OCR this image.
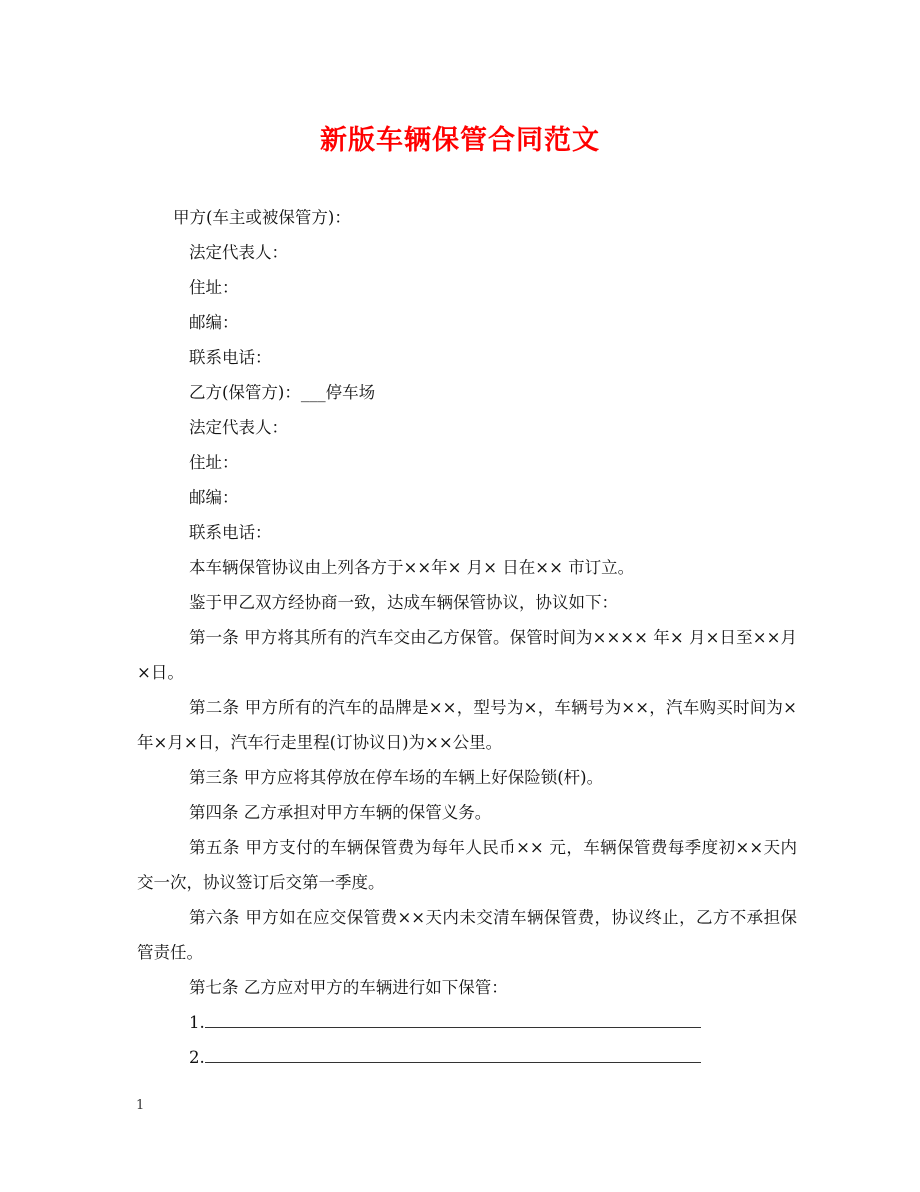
新版车辆保管合同范文
甲方(车主或被保管方)：
法定代表人：
住址：
邮编：
联系电话：
乙方(保管方)：___停车场
法定代表人：
住址：
邮编：
联系电话：
本车辆保管协议由上列各方于××年× 月× 日在×× 市订立。
鉴于甲乙双方经协商一致，达成车辆保管协议，协议如下：

第一条 甲方将其所有的汽车交由乙方保管。保管时间为×××× 年× 月×日至××月×日。

第二条 甲方所有的汽车的品牌是××，型号为×，车辆号为××，汽车购买时间为×年×月×日，汽车行走里程(订协议日)为××公里。

第三条 甲方应将其停放在停车场的车辆上好保险锁(杆)。

第四条 乙方承担对甲方车辆的保管义务。

第五条 甲方支付的车辆保管费为每年人民币×× 元，车辆保管费每季度初××天内交一次，协议签订后交第一季度。

第六条 甲方如在应交保管费××天内未交清车辆保管费，协议终止，乙方不承担保管责任。

第七条 乙方应对甲方的车辆进行如下保管：

1.
2.
1
